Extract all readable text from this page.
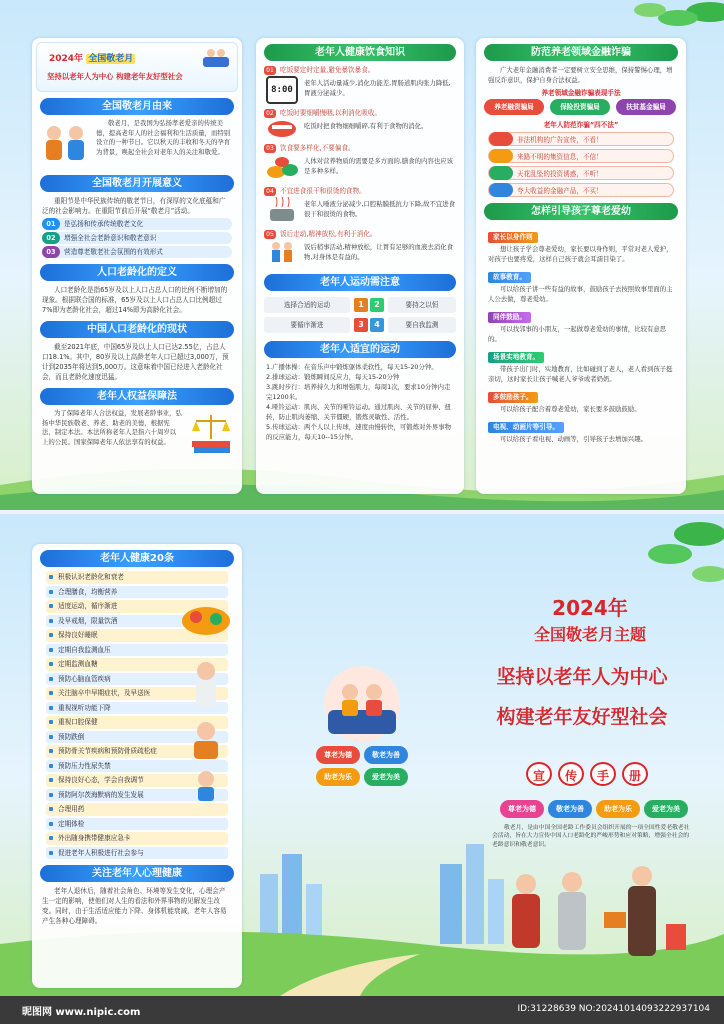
2024年 全国敬老月
坚持以老年人为中心 构建老年友好型社会
全国敬老月由来
敬老月，是我国为弘扬孝老爱亲的传统美德，提高老年人的社会福利和生活质量，而特别设立的一种节日。它以秋天的丰收和冬天的孕育为背景，唤起全社会对老年人的关注和敬爱。
全国敬老月开展意义
重阳节是中华民族传统的敬老节日，有深厚的文化底蕴和广泛的社会影响力。在重阳节前后开展“敬老月”活动。
01	是弘扬和传承传统敬老文化
02	增强全社会老龄意识和敬老意识
03	营造尊老敬老社会氛围的有效形式
人口老龄化的定义
人口老龄化是指65岁及以上人口占总人口的比例不断增加的现象。根据联合国的标准，65岁及以上人口占总人口比例超过7%即为老龄化社会，超过14%即为高龄化社会。
中国人口老龄化的现状
截至2021年底，中国65岁及以上人口已达2.55亿，占总人口18.1%。其中，80岁及以上高龄老年人口已超过3,000万，预计到2035年将达到5,000万。这意味着中国已经进入老龄化社会，而且老龄化速度迅猛。
老年人权益保障法
为了保障老年人合法权益，发展老龄事业，弘扬中华民族敬老、养老、助老的美德，根据宪法，制定本法。本法所称老年人是指六十周岁以上的公民。国家保障老年人依法享有的权益。
老年人健康饮食知识
01 吃饭要定时定量,避免暴饮暴食。
8:00
老年人活动量减少,消化功能差,胃肠道肌肉张力降低,胃液分泌减少。
02 吃饭时要细嚼慢咽,以利消化吸收。
吃饭时把食物细细嚼碎,有利于食物的消化。
03 饮食要多样化,不要偏食。
人体对营养物质的需要是多方面的,膳食的内容也应该是多种多样。
04 不宜进食很干和很烫的食物。
老年人唾液分泌减少,口腔粘膜抵抗力下降,故不宜进食很干和很烫的食物。
05 饭后走动,精神放松,有利于消化。
饭后稍事活动,精神放松，让胃有足够的血液去消化食物,对身体是有益的。
老年人运动需注意
选择合适的运动	1	2	要持之以恒
要循序渐进	3	4	要自我监测
老年人适宜的运动
1.广播体操：在音乐声中锻炼躯体柔软性，每天15-20分钟。
2.排球运动：锻炼瞬间反应力，每天15-20分钟
3.跳时步行：培养持久力和增强肌力，每周1次，要求10分钟内走完1200米。
4.哑铃运动：肌肉、关节的哑铃运动。通过肌肉、关节的屈伸、扭转，防止肌肉萎缩、关节僵硬，锻炼灵敏性、活性。
5.传球运动：两个人以上传球，速度由慢转快，可锻炼对外界事物的反应能力，每天10--15分钟。
防范养老领域金融诈骗
广大老年金融消费者一定要树立安全思维，保持警惕心理，增强反诈意识，保护自身合法权益。
养老领域金融诈骗表现手法
养老融资骗局	保险投资骗局	扶贫基金骗局
老年人防范诈骗“四不法”
非法机构的广告宣传，不看！
来路不明的集资信息，不信！
天花乱坠的投资诱惑，不听！
夸大收益的金融产品，不买！
怎样引导孩子尊老爱幼
家长以身作则
想让孩子学会尊老爱幼，家长要以身作则，平常对老人爱护，对孩子也要疼爱，这样自己孩子就会耳濡目染了。
故事教育。
可以给孩子讲一些有益的故事，鼓励孩子去按照故事里面的主人公去做，尊老爱幼。
同伴鼓励。
可以找邻事的小朋友，一起做尊老爱幼的事情，比较有意思的。
场景实地教育。
带孩子出门时，实地教育，比如碰到了老人，老人看到孩子挺亲切，这时家长让孩子喊老人爷爷或者奶奶。
多鼓励孩子。
可以给孩子配合着尊老爱幼，家长要多鼓励鼓励。
电视、动画片等引导。
可以给孩子看电视、动画等，引导孩子去增加兴趣。
老年人健康20条
积极认识老龄化和衰老
合理膳食，均衡营养
适度运动，循序渐进
及早戒烟，限量饮酒
保持良好睡眠
定期自我监测血压
定期监测血糖
预防心脑血管疾病
关注脑卒中早期症状，及早送医
重视视听功能下降
重视口腔保健
预防跌倒
预防骨关节疾病和预防骨质疏松症
预防压力性尿失禁
保持良好心态，学会自我调节
预防阿尔茨海默病的发生发展
合理用药
定期体检
外出随身携带健康应急卡
促进老年人积极进行社会参与
关注老年人心理健康
老年人退休后，随着社会角色、环境等发生变化，心理会产生一定的影响，使他们对人生的看法和外界事物的见解发生改变。同时，由于生活适应能力下降、身体机能衰减，老年人容易产生各种心理障碍。
2024年
全国敬老月主题
坚持以老年人为中心
构建老年友好型社会
宣 传 手 册
尊老为德	敬老为善	助老为乐	爱老为美
敬老月，是由中国全国老龄工作委员会组织开展的一项全国性爱老敬老社会活动，旨在大力宣传中国人口老龄化的严峻形势和应对策略，增强全社会的老龄意识和敬老意识。
尊老为德	敬老为善
助老为乐	爱老为美
昵图网 www.nipic.com	ID:31228639 NO:20241014093222937104
